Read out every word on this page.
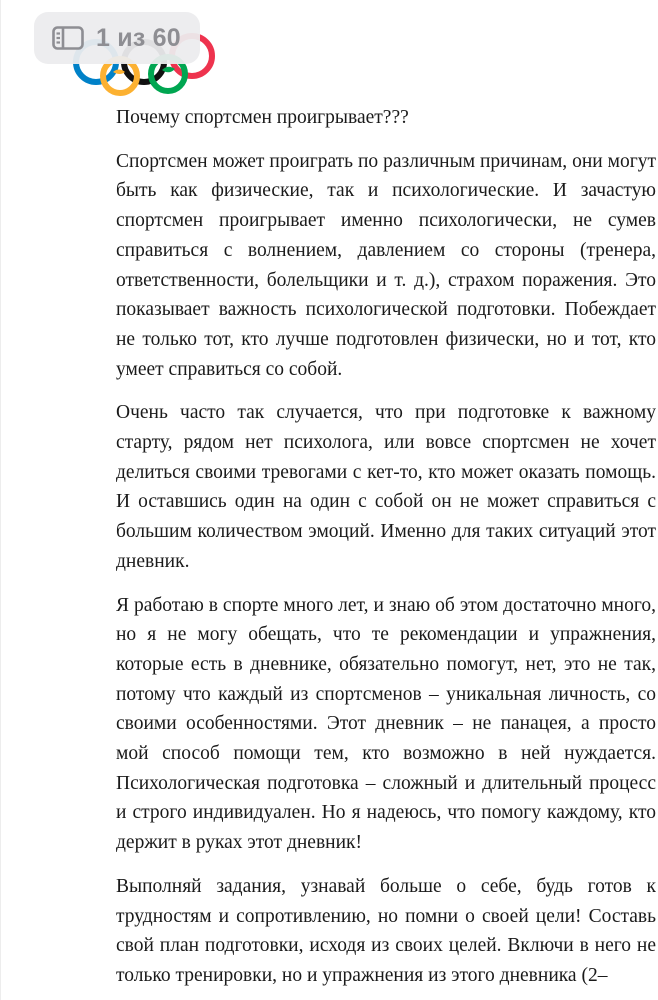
1 из 60

Почему спортсмен проигрывает???

Спортсмен может проиграть по различным причинам, они могут быть как физические, так и психологические. И зачастую спортсмен проигрывает именно психологически, не сумев справиться с волнением, давлением со стороны (тренера, ответственности, болельщики и т. д.), страхом поражения. Это показывает важность психологической подготовки. Побеждает не только тот, кто лучше подготовлен физически, но и тот, кто умеет справиться со собой.

Очень часто так случается, что при подготовке к важному старту, рядом нет психолога, или вовсе спортсмен не хочет делиться своими тревогами с кет-то, кто может оказать помощь. И оставшись один на один с собой он не может справиться с большим количеством эмоций. Именно для таких ситуаций этот дневник.

Я работаю в спорте много лет, и знаю об этом достаточно много, но я не могу обещать, что те рекомендации и упражнения, которые есть в дневнике, обязательно помогут, нет, это не так, потому что каждый из спортсменов – уникальная личность, со своими особенностями. Этот дневник – не панацея, а просто мой способ помощи тем, кто возможно в ней нуждается. Психологическая подготовка – сложный и длительный процесс и строго индивидуален. Но я надеюсь, что помогу каждому, кто держит в руках этот дневник!

Выполняй задания, узнавай больше о себе, будь готов к трудностям и сопротивлению, но помни о своей цели! Составь свой план подготовки, исходя из своих целей. Включи в него не только тренировки, но и упражнения из этого дневника (2–
